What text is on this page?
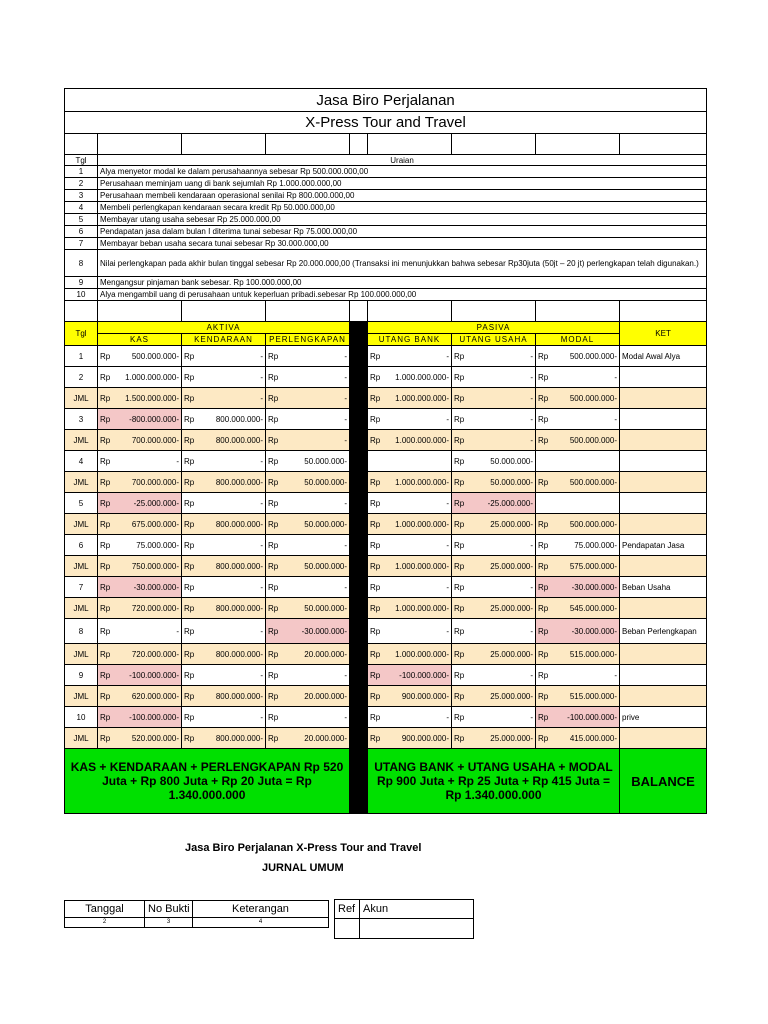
Jasa Biro Perjalanan								
X-Press Tour and Travel								

Tgl	Uraian							
1	Alya menyetor modal ke dalam perusahaannya sebesar Rp 500.000.000,00							
2	Perusahaan meminjam uang di bank sejumlah Rp 1.000.000.000,00							
3	Perusahaan membeli kendaraan operasional senilai Rp 800.000.000,00							
4	Membeli perlengkapan kendaraan secara kredit Rp 50.000.000,00							
5	Membayar utang usaha sebesar Rp 25.000.000,00							
6	Pendapatan jasa dalam bulan I diterima tunai sebesar Rp 75.000.000,00							
7	Membayar beban usaha secara tunai sebesar Rp 30.000.000,00							
8	Nilai perlengkapan pada akhir bulan tinggal sebesar Rp 20.000.000,00 (Transaksi ini menunjukkan bahwa sebesar Rp30juta (50jt – 20 jt) perlengkapan telah digunakan.)							
9	Mengangsur pinjaman bank sebesar. Rp 100.000.000,00							
10	Alya mengambil uang di perusahaan untuk keperluan pribadi.sebesar Rp 100.000.000,00							

Tgl	AKTIVA				PASIVA			KET
	KAS	KENDARAAN	PERLENGKAPAN		UTANG BANK	UTANG USAHA	MODAL	
1	Rp 500.000.000-	Rp -	Rp -		Rp -	Rp -	Rp 500.000.000-	Modal Awal Alya
2	Rp 1.000.000.000-	Rp -	Rp -		Rp 1.000.000.000-	Rp -	Rp -	

JML	Rp 1.500.000.000-	Rp -	Rp -		Rp 1.000.000.000-	Rp -	Rp 500.000.000-	

3	Rp -800.000.000-	Rp 800.000.000-	Rp -		Rp -	Rp -	Rp -	

JML	Rp 700.000.000-	Rp 800.000.000-	Rp -		Rp 1.000.000.000-	Rp -	Rp 500.000.000-	

4	Rp -	Rp -	Rp 50.000.000-			Rp 50.000.000-		

JML	Rp 700.000.000-	Rp 800.000.000-	Rp 50.000.000-		Rp 1.000.000.000-	Rp 50.000.000-	Rp 500.000.000-	

5	Rp -25.000.000-	Rp -	Rp -		Rp -	Rp -25.000.000-		

JML	Rp 675.000.000-	Rp 800.000.000-	Rp 50.000.000-		Rp 1.000.000.000-	Rp 25.000.000-	Rp 500.000.000-	

6	Rp 75.000.000-	Rp -	Rp -		Rp -	Rp -	Rp 75.000.000-	Pendapatan Jasa
JML	Rp 750.000.000-	Rp 800.000.000-	Rp 50.000.000-		Rp 1.000.000.000-	Rp 25.000.000-	Rp 575.000.000-	

7	Rp -30.000.000-	Rp -	Rp -		Rp -	Rp -	Rp -30.000.000-	Beban Usaha
JML	Rp 720.000.000-	Rp 800.000.000-	Rp 50.000.000-		Rp 1.000.000.000-	Rp 25.000.000-	Rp 545.000.000-	

8	Rp -	Rp -	Rp -30.000.000-		Rp -	Rp -	Rp -30.000.000-	Beban Perlengkapan
JML	Rp 720.000.000-	Rp 800.000.000-	Rp 20.000.000-		Rp 1.000.000.000-	Rp 25.000.000-	Rp 515.000.000-	

9	Rp -100.000.000-	Rp -	Rp -		Rp -100.000.000-	Rp -	Rp -	

JML	Rp 620.000.000-	Rp 800.000.000-	Rp 20.000.000-		Rp 900.000.000-	Rp 25.000.000-	Rp 515.000.000-	

10	Rp -100.000.000-	Rp -	Rp -		Rp -	Rp -	Rp -100.000.000-	prive
JML	Rp 520.000.000-	Rp 800.000.000-	Rp 20.000.000-		Rp 900.000.000-	Rp 25.000.000-	Rp 415.000.000-	

KAS + KENDARAAN + PERLENGKAPAN Rp 520 Juta + Rp 800 Juta + Rp 20 Juta = Rp 1.340.000.000					UTANG BANK + UTANG USAHA + MODAL Rp 900 Juta + Rp 25 Juta + Rp 415 Juta = Rp 1.340.000.000			BALANCE
Jasa Biro Perjalanan X-Press Tour and Travel
JURNAL UMUM
Tanggal	No Bukti	Keterangan
2	3	4
Ref	Akun
